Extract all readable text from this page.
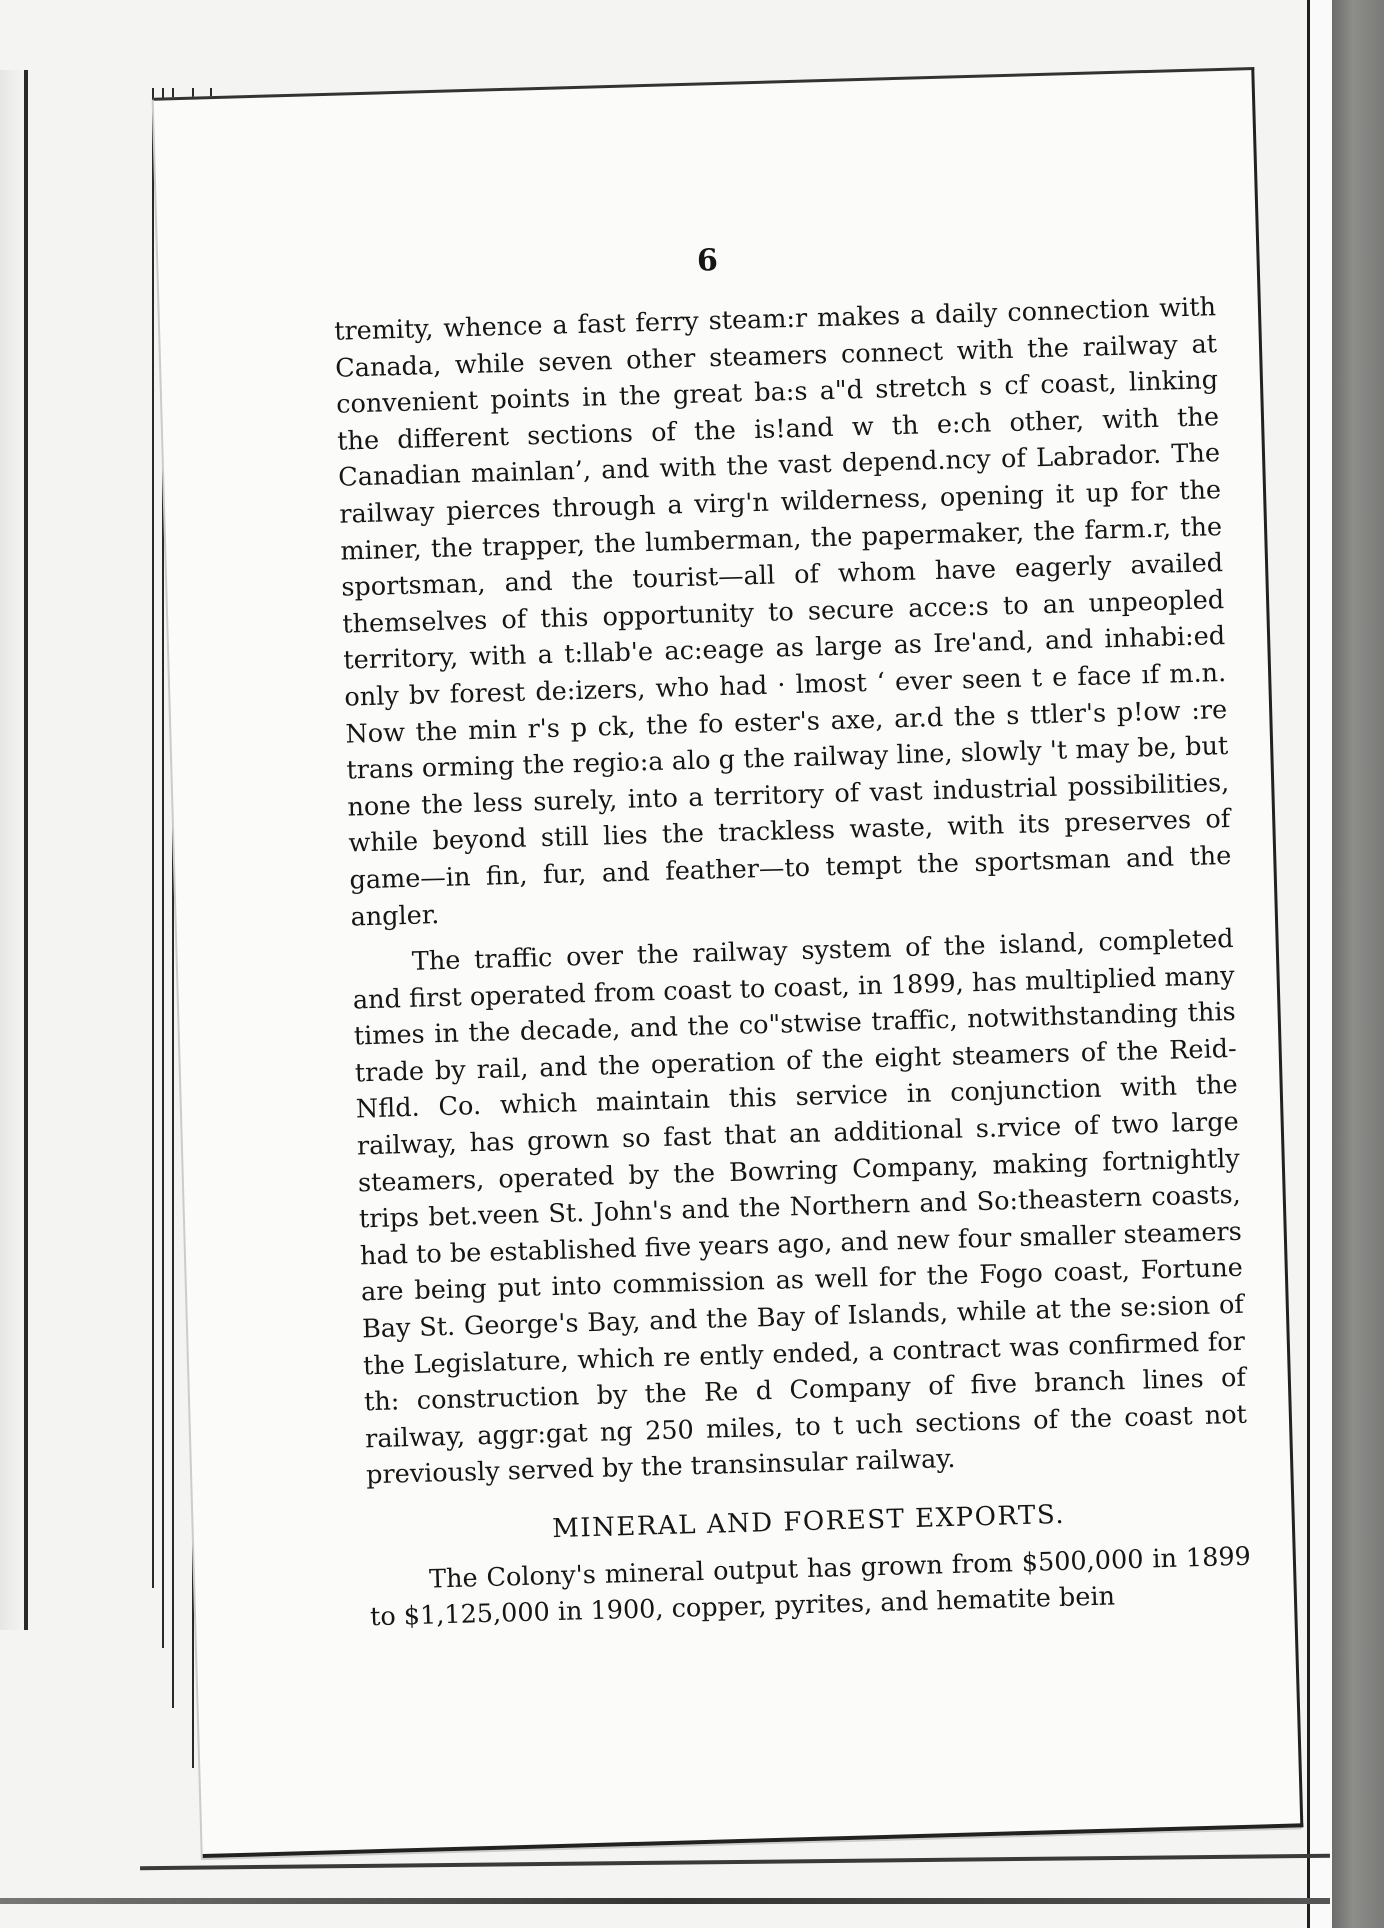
6

tremity, whence a fast ferry steam:r makes a daily connection with Canada, while seven other steamers connect with the railway at convenient points in the great ba:s a"d stretch s cf coast, linking the different sections of the is!and w th e:ch other, with the Canadian mainlan’, and with the vast depend.ncy of Labrador. The railway pierces through a virg'n wilderness, opening it up for the miner, the trapper, the lumberman, the papermaker, the farm.r, the sportsman, and the tourist—all of whom have eagerly availed themselves of this opportunity to secure acce:s to an unpeopled territory, with a t:llab'e ac:eage as large as Ire'and, and inhabi:ed only bv forest de:izers, who had · lmost ‘ ever seen t e face ıf m.n. Now the min r's p ck, the fo ester's axe, ar.d the s ttler's p!ow :re trans orming the regio:a alo g the railway line, slowly 't may be, but none the less surely, into a territory of vast industrial possibilities, while beyond still lies the trackless waste, with its preserves of game—in fin, fur, and feather—to tempt the sportsman and the angler.

The traffic over the railway system of the island, completed and first operated from coast to coast, in 1899, has multiplied many times in the decade, and the co"stwise traffic, notwithstanding this trade by rail, and the operation of the eight steamers of the Reid-Nfld. Co. which maintain this service in conjunction with the railway, has grown so fast that an additional s.rvice of two large steamers, operated by the Bowring Company, making fortnightly trips bet.veen St. John's and the Northern and So:theastern coasts, had to be established five years ago, and new four smaller steamers are being put into commission as well for the Fogo coast, Fortune Bay St. George's Bay, and the Bay of Islands, while at the se:sion of the Legislature, which re ently ended, a contract was confirmed for th: construction by the Re d Company of five branch lines of railway, aggr:gat ng 250 miles, to t uch sections of the coast not previously served by the transinsular railway.

MINERAL AND FOREST EXPORTS.

The Colony's mineral output has grown from $500,000 in 1899 to $1,125,000 in 1900, copper, pyrites, and hematite bein
